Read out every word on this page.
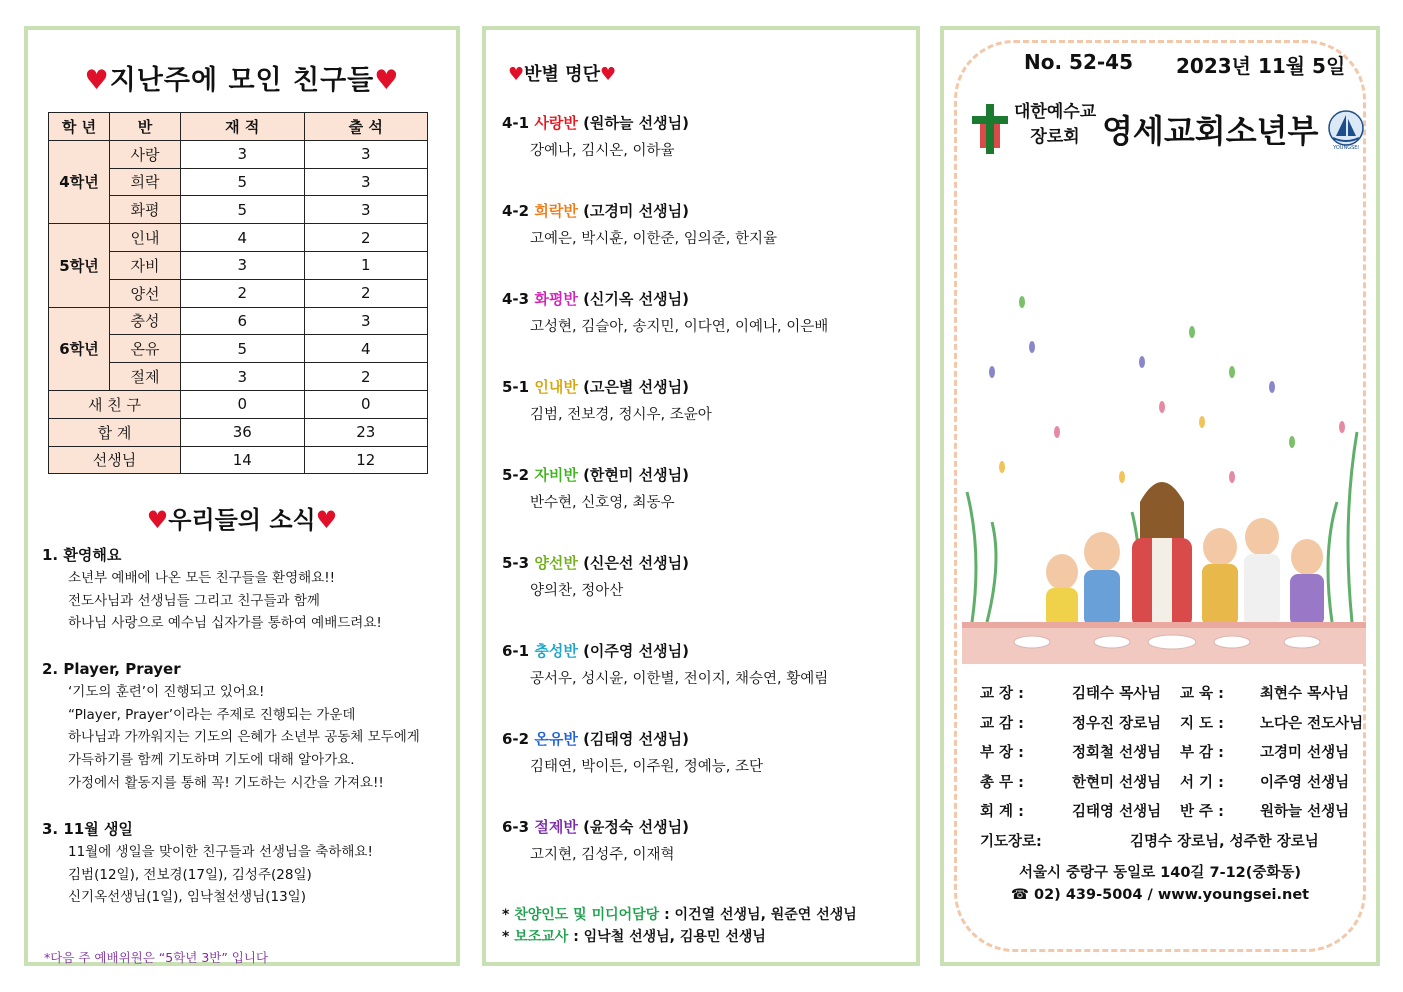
♥지난주에 모인 친구들♥
학 년	반	재 적	출 석
4학년	사랑	3	3
	희락	5	3
	화평	5	3
5학년	인내	4	2
	자비	3	1
	양선	2	2
6학년	충성	6	3
	온유	5	4
	절제	3	2
새 친 구		0	0
합 계		36	23
선생님		14	12
♥우리들의 소식♥
1. 환영해요
소년부 예배에 나온 모든 친구들을 환영해요!!
전도사님과 선생님들 그리고 친구들과 함께
하나님 사랑으로 예수님 십자가를 통하여 예배드려요!
2. Player, Prayer
‘기도의 훈련’이 진행되고 있어요!
“Player, Prayer’이라는 주제로 진행되는 가운데
하나님과 가까워지는 기도의 은혜가 소년부 공동체 모두에게
가득하기를 함께 기도하며 기도에 대해 알아가요.
가정에서 활동지를 통해 꼭! 기도하는 시간을 가져요!!
3. 11월 생일
11월에 생일을 맞이한 친구들과 선생님을 축하해요!
김범(12일), 전보경(17일), 김성주(28일)
신기옥선생님(1일), 임낙철선생님(13일)
*다음 주 예배위원은 “5학년 3반” 입니다
♥반별 명단♥
4-1 사랑반 (원하늘 선생님)
강예나, 김시온, 이하율
4-2 희락반 (고경미 선생님)
고예은, 박시훈, 이한준, 임의준, 한지율
4-3 화평반 (신기옥 선생님)
고성현, 김슬아, 송지민, 이다연, 이예나, 이은배
5-1 인내반 (고은별 선생님)
김범, 전보경, 정시우, 조윤아
5-2 자비반 (한현미 선생님)
반수현, 신호영, 최동우
5-3 양선반 (신은선 선생님)
양의찬, 정아산
6-1 충성반 (이주영 선생님)
공서우, 성시윤, 이한별, 전이지, 채승연, 황예림
6-2 온유반 (김태영 선생님)
김태연, 박이든, 이주원, 정예능, 조단
6-3 절제반 (윤정숙 선생님)
고지현, 김성주, 이재혁
* 찬양인도 및 미디어담당 : 이건열 선생님, 원준연 선생님
* 보조교사 : 임낙철 선생님, 김용민 선생님
No. 52-45 2023년 11월 5일
대한예수교
장로회 영세교회소년부	YOUNGSEI
교 장 :	김태수 목사님 교 육 : 최현수 목사님
교 감 :	정우진 장로님 지 도 : 노다은 전도사님
부 장 :	정회철 선생님 부 감 : 고경미 선생님
총 무 :	한현미 선생님 서 기 : 이주영 선생님
회 계 :	김태영 선생님 반 주 : 원하늘 선생님
기도장로:	김명수 장로님, 성주한 장로님
서울시 중랑구 동일로 140길 7-12(중화동)
☎ 02) 439-5004 / www.youngsei.net
